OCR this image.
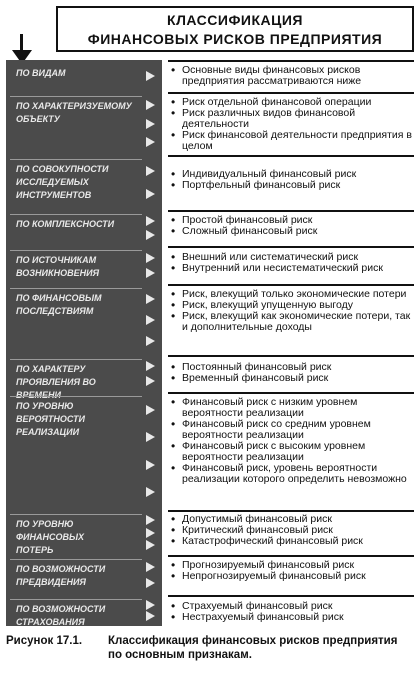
КЛАССИФИКАЦИЯ
ФИНАНСОВЫХ РИСКОВ ПРЕДПРИЯТИЯ
ПО ВИДАМ	• Основные виды финансовых рисков предприятия рассматриваются ниже
ПО ХАРАКТЕРИЗУЕМОМУ
ОБЪЕКТУ
• Риск отдельной финансовой операции
• Риск различных видов финансовой деятельности
• Риск финансовой деятельности предприятия в целом
ПО СОВОКУПНОСТИ
ИССЛЕДУЕМЫХ
ИНСТРУМЕНТОВ
• Индивидуальный финансовый риск
• Портфельный финансовый риск
ПО КОМПЛЕКСНОСТИ	• Простой финансовый риск
• Сложный финансовый риск
ПО ИСТОЧНИКАМ
ВОЗНИКНОВЕНИЯ
• Внешний или систематический риск
• Внутренний или несистематический риск
ПО ФИНАНСОВЫМ
ПОСЛЕДСТВИЯМ
• Риск, влекущий только экономические потери
• Риск, влекущий упущенную выгоду
• Риск, влекущий как экономические потери, так и дополнительные доходы
ПО ХАРАКТЕРУ
ПРОЯВЛЕНИЯ ВО ВРЕМЕНИ
• Постоянный финансовый риск
• Временный финансовый риск
ПО УРОВНЮ
ВЕРОЯТНОСТИ
РЕАЛИЗАЦИИ
• Финансовый риск с низким уровнем вероятности реализации
• Финансовый риск со средним уровнем вероятности реализации
• Финансовый риск с высоким уровнем вероятности реализации
• Финансовый риск, уровень вероятности реализации которого определить невозможно
ПО УРОВНЮ ФИНАНСОВЫХ
ПОТЕРЬ
• Допустимый финансовый риск
• Критический финансовый риск
• Катастрофический финансовый риск
ПО ВОЗМОЖНОСТИ
ПРЕДВИДЕНИЯ
• Прогнозируемый финансовый риск
• Непрогнозируемый финансовый риск
ПО ВОЗМОЖНОСТИ
СТРАХОВАНИЯ
• Страхуемый финансовый риск
• Нестрахуемый финансовый риск
Рисунок 17.1. Классификация финансовых рисков предприятия по основным признакам.
